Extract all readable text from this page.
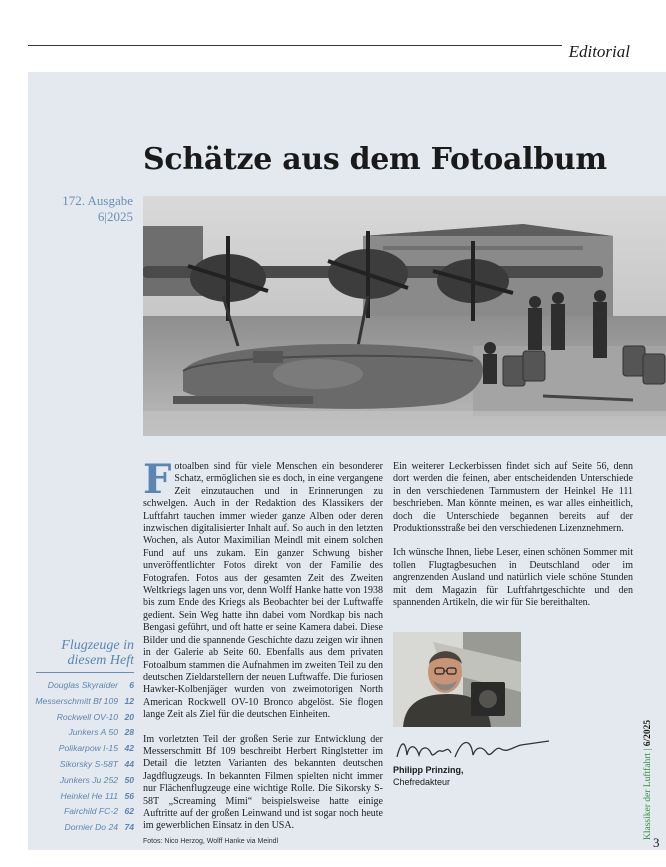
Editorial
Schätze aus dem Fotoalbum
172. Ausgabe
6|2025
Flugzeuge in
diesem Heft
Douglas Skyraider	6
Messerschmitt Bf 109 12
Rockwell OV-10 20
Junkers A 50 28
Polikarpow I-15 42
Sikorsky S-58T 44
Junkers Ju 252 50
Heinkel He 111 56
Fairchild FC-2 62
Dornier Do 24 74

Fotoalben sind für viele Menschen ein besonderer Schatz, ermöglichen sie es doch, in eine vergangene Zeit einzutauchen und in Erinnerungen zu schwelgen. Auch in der Redaktion des Klassikers der Luftfahrt tauchen immer wieder ganze Alben oder deren inzwischen digitalisierter Inhalt auf. So auch in den letzten Wochen, als Autor Maximilian Meindl mit einem solchen Fund auf uns zukam. Ein ganzer Schwung bisher unveröffentlichter Fotos direkt von der Familie des Fotografen. Fotos aus der gesamten Zeit des Zweiten Weltkriegs lagen uns vor, denn Wolff Hanke hatte von 1938 bis zum Ende des Kriegs als Beobachter bei der Luftwaffe gedient. Sein Weg hatte ihn dabei vom Nordkap bis nach Bengasi geführt, und oft hatte er seine Kamera dabei. Diese Bilder und die spannende Geschichte dazu zeigen wir ihnen in der Galerie ab Seite 60. Ebenfalls aus dem privaten Fotoalbum stammen die Aufnahmen im zweiten Teil zu den deutschen Zieldarstellern der neuen Luftwaffe. Die furiosen Hawker-Kolbenjäger wurden von zweimotorigen North American Rockwell OV-10 Bronco abgelöst. Sie flogen lange Zeit als Ziel für die deutschen Einheiten.

Im vorletzten Teil der großen Serie zur Entwicklung der Messerschmitt Bf 109 beschreibt Herbert Ringlstetter im Detail die letzten Varianten des bekannten deutschen Jagdflugzeugs. In bekannten Filmen spielten nicht immer nur Flächenflugzeuge eine wichtige Rolle. Die Sikorsky S-58T „Screaming Mimi“ beispielsweise hatte einige Auftritte auf der großen Leinwand und ist sogar noch heute im gewerblichen Einsatz in den USA.

Ein weiterer Leckerbissen findet sich auf Seite 56, denn dort werden die feinen, aber entscheidenden Unterschiede in den verschiedenen Tarnmustern der Heinkel He 111 beschrieben. Man könnte meinen, es war alles einheitlich, doch die Unterschiede begannen bereits auf der Produktionsstraße bei den verschiedenen Lizenznehmern.

Ich wünsche Ihnen, liebe Leser, einen schönen Sommer mit tollen Flugtagbesuchen in Deutschland oder im angrenzenden Ausland und natürlich viele schöne Stunden mit dem Magazin für Luftfahrtgeschichte und den spannenden Artikeln, die wir für Sie bereithalten.

Philipp Prinzing,
Chefredakteur
Fotos: Nico Herzog, Wolff Hanke via Meindl
Klassiker der Luftfahrt | 6/2025
3
